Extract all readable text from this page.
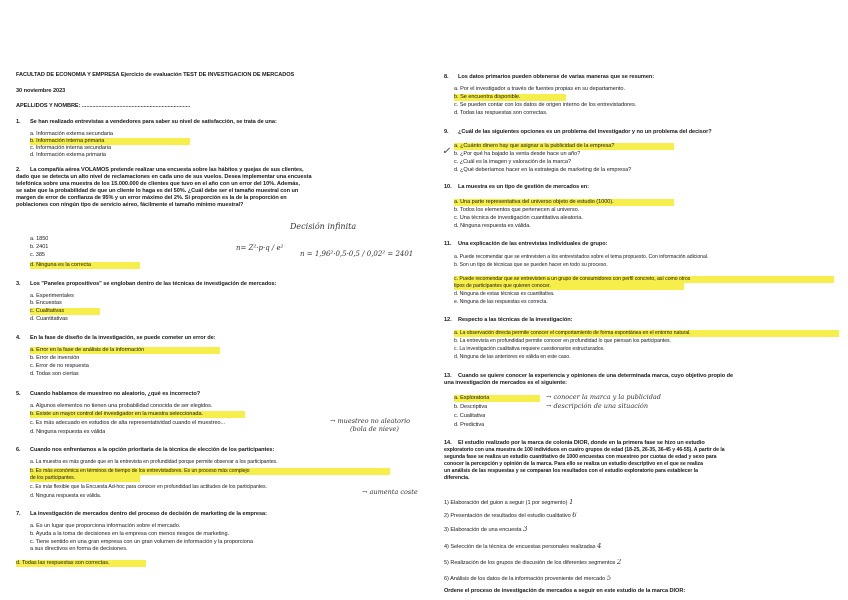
FACULTAD DE ECONOMÍA Y EMPRESA Ejercicio de evaluación TEST DE INVESTIGACIÓN DE MERCADOS
30 noviembre 2023
APELLIDOS Y NOMBRE: ........................................................................
1. Se han realizado entrevistas a vendedores para saber su nivel de satisfacción, se trata de una:
a. Información externa secundaria
b. Información interna primaria
c. Información interna secundaria
d. Información externa primaria
2. La compañía aérea VOLAMOS pretende realizar una encuesta sobre las hábitos y quejas de sus clientes,
dado que se detecta un alto nivel de reclamaciones en cada uno de sus vuelos. Desea implementar una encuesta
telefónica sobre una muestra de los 15.000.000 de clientes que tuvo en el año con un error del 10%. Además,
se sabe que la probabilidad de que un cliente lo haga es del 50%. ¿Cuál debe ser el tamaño muestral con un
margen de error de confianza de 95% y un error máximo del 2%. Si proporción es la de la proporción en
poblaciones con ningún tipo de servicio aéreo, fácilmente el tamaño mínimo muestral?
a. 1850
b. 2401
c. 385
d. Ninguna es la correcta
Decisión infinita
n= Z²·p·q / e²
n = 1,96²·0,5·0,5 / 0,02² = 2401
3. Los "Paneles propositivos" se engloban dentro de las técnicas de investigación de mercados:
a. Experimentales
b. Encuestas
c. Cualitativas
d. Cuantitativas
4. En la fase de diseño de la investigación, se puede cometer un error de:
a. Error en la fase de análisis de la información
b. Error de inversión
c. Error de no respuesta
d. Todas son ciertas
5. Cuando hablamos de muestreo no aleatorio, ¿qué es incorrecto?
a. Algunos elementos no tienen una probabilidad conocida de ser elegidos.
b. Existe un mayor control del investigador en la muestra seleccionada.
c. Es más adecuado en estudios de alta representatividad cuando el muestreo...
d. Ninguna respuesta es válida
→ muestreo no aleatorio
(bola de nieve)
6. Cuando nos enfrentamos a la opción prioritaria de la técnica de elección de los participantes:
a. La muestra es más grande que en la entrevista en profundidad porque permite observar a los participantes.
b. Es más económica en términos de tiempo de los entrevistadores. Es un proceso más complejo
de los participantes.
c. Es más flexible que la Encuesta Ad-hoc para conocer en profundidad las actitudes de los participantes.
d. Ninguna respuesta es válida.	→ aumenta coste
7. La investigación de mercados dentro del proceso de decisión de marketing de la empresa:
a. Es un lugar que proporciona información sobre el mercado.
b. Ayuda a la toma de decisiones en la empresa con menos riesgos de marketing.
c. Tiene sentido en una gran empresa con un gran volumen de información y la proporciona
a sus directivos en forma de decisiones.
d. Todas las respuestas son correctas.
8. Los datos primarios pueden obtenerse de varias maneras que se resumen:
a. Por el investigador a través de fuentes propias en su departamento.
b. Se encuentra disponible.
c. Se pueden contar con los datos de origen interno de los entrevistadores.
d. Todas las respuestas son correctas.
9. ¿Cuál de las siguientes opciones es un problema del investigador y no un problema del decisor?
a. ¿Cuánto dinero hay que asignar a la publicidad de la empresa?
b. ¿Por qué ha bajado la venta desde hace un año?
c. ¿Cuál es la imagen y valoración de la marca?
d. ¿Qué deberíamos hacer en la estrategia de marketing de la empresa?
✓
10. La muestra es un tipo de gestión de mercados en:
a. Una parte representativa del universo objeto de estudio (1000).
b. Todos los elementos que pertenecen al universo.
c. Una técnica de investigación cuantitativa aleatoria.
d. Ninguna respuesta es válida.
11. Una explicación de las entrevistas individuales de grupo:
a. Puede recomendar que se entrevisten a los entrevistados sobre el tema propuesto. Con información adicional.
b. Son un tipo de técnicas que se pueden hacer en todo su proceso.
c. Puede recomendar que se entrevisten a un grupo de consumidores con perfil concreto, así como otros
tipos de participantes que quieren conocer.
d. Ninguna de estas técnicas es cuantitativa.
e. Ninguna de las respuestas es correcta.
12. Respecto a las técnicas de la investigación:
a. La observación directa permite conocer el comportamiento de forma espontánea en el entorno natural.
b. La entrevista en profundidad permite conocer en profundidad lo que piensan los participantes.
c. La investigación cualitativa requiere cuestionarios estructurados.
d. Ninguna de las anteriores es válida en este caso.
13. Cuando se quiere conocer la experiencia y opiniones de una determinada marca, cuyo objetivo propio de
una investigación de mercados es el siguiente:
a. Exploratoria
b. Descriptiva
c. Cualitativa
d. Predictiva
→ conocer la marca y la publicidad
→ descripción de una situación
14. El estudio realizado por la marca de colonia DIOR, donde en la primera fase se hizo un estudio
exploratorio con una muestra de 100 individuos en cuatro grupos de edad (18-25, 26-35, 36-45 y 46-55). A partir de la
segunda fase se realiza un estudio cuantitativo de 1000 encuestas con muestreo por cuotas de edad y sexo para
conocer la percepción y opinión de la marca. Para ello se realiza un estudio descriptivo en el que se realiza
un análisis de las respuestas y se comparan los resultados con el estudio exploratorio para establecer la
diferencia.
1) Elaboración del guion a seguir (1 por segmento) 1
2) Presentación de resultados del estudio cualitativo 6
3) Elaboración de una encuesta 3
4) Selección de la técnica de encuestas personales realizadas 4
5) Realización de los grupos de discusión de los diferentes segmentos 2
6) Análisis de los datos de la información proveniente del mercado 5
Ordene el proceso de investigación de mercados a seguir en este estudio de la marca DIOR:
